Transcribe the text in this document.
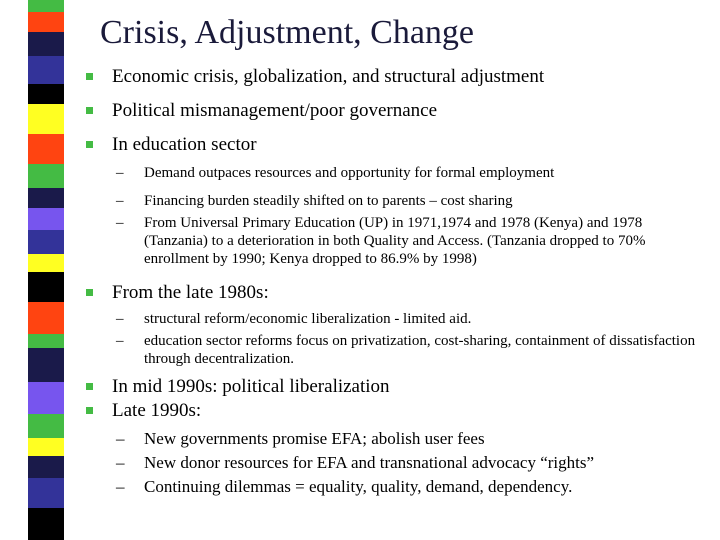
Crisis, Adjustment, Change
Economic crisis, globalization, and structural adjustment
Political mismanagement/poor governance
In education sector
– Demand outpaces resources and opportunity for formal employment
– Financing burden steadily shifted on to parents – cost sharing
– From Universal Primary Education (UP) in 1971,1974 and 1978 (Kenya) and 1978 (Tanzania) to a deterioration in both Quality and Access. (Tanzania dropped to 70% enrollment by 1990; Kenya dropped to 86.9% by 1998)
From the late 1980s:
– structural reform/economic liberalization - limited aid.
– education sector reforms focus on privatization, cost-sharing, containment of dissatisfaction through decentralization.
In mid 1990s: political liberalization
Late 1990s:
– New governments promise EFA; abolish user fees
– New donor resources for EFA and transnational advocacy “rights”
– Continuing dilemmas = equality, quality, demand, dependency.
